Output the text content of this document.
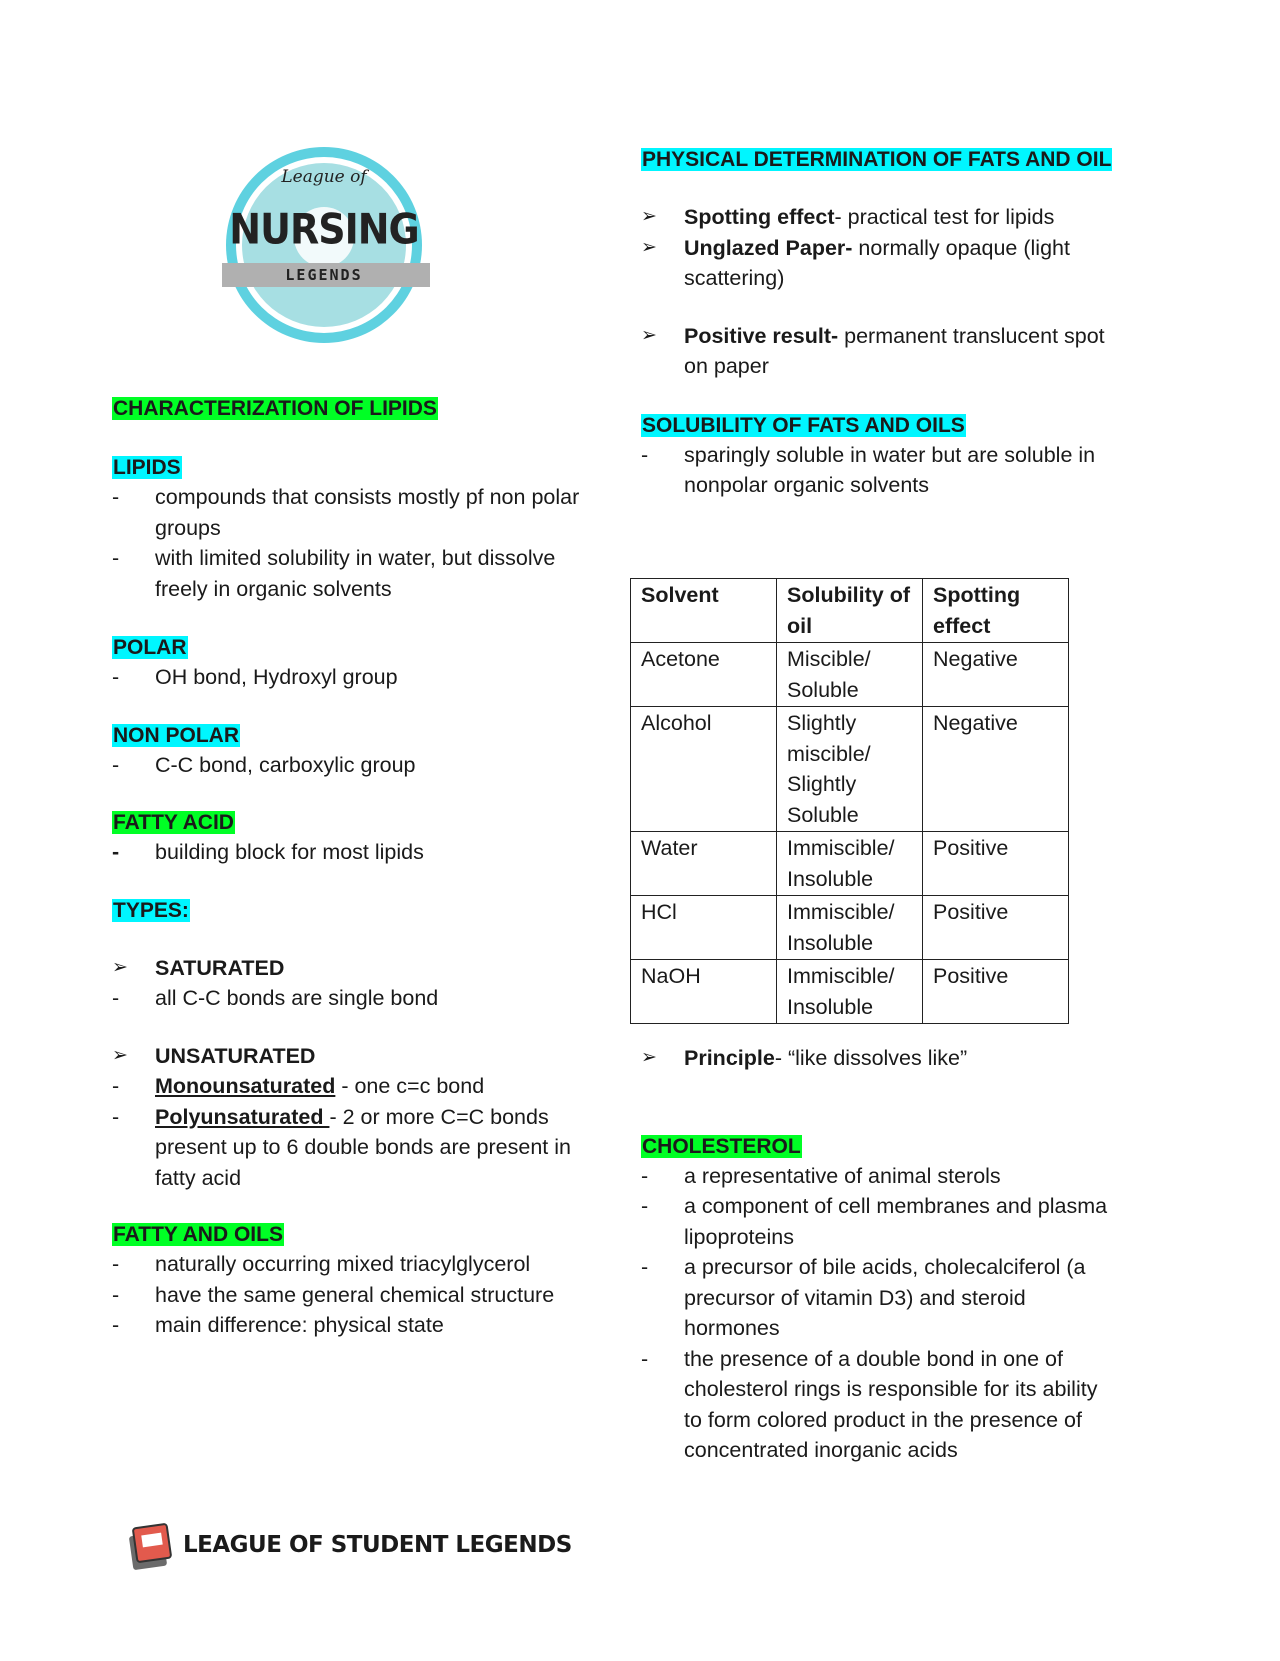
League of
NURSING
LEGENDS
CHARACTERIZATION OF LIPIDS
LIPIDS
- compounds that consists mostly pf non polar groups
- with limited solubility in water, but dissolve freely in organic solvents
POLAR
- OH bond, Hydroxyl group
NON POLAR
- C-C bond, carboxylic group
FATTY ACID
- building block for most lipids
TYPES:
➢ SATURATED
- all C-C bonds are single bond
➢ UNSATURATED
- Monounsaturated - one c=c bond
- Polyunsaturated - 2 or more C=C bonds present up to 6 double bonds are present in fatty acid
FATTY AND OILS
- naturally occurring mixed triacylglycerol
- have the same general chemical structure
- main difference: physical state
PHYSICAL DETERMINATION OF FATS AND OIL
➢ Spotting effect- practical test for lipids
➢ Unglazed Paper- normally opaque (light scattering)
➢ Positive result- permanent translucent spot on paper
SOLUBILITY OF FATS AND OILS
- sparingly soluble in water but are soluble in nonpolar organic solvents
Solvent	Solubility of oil	Spotting effect
Acetone	Miscible/ Soluble	Negative
Alcohol	Slightly miscible/ Slightly Soluble	Negative
Water	Immiscible/ Insoluble	Positive
HCl	Immiscible/ Insoluble	Positive
NaOH	Immiscible/ Insoluble	Positive
➢ Principle- “like dissolves like”
CHOLESTEROL
- a representative of animal sterols
- a component of cell membranes and plasma lipoproteins
- a precursor of bile acids, cholecalciferol (a precursor of vitamin D3) and steroid hormones
- the presence of a double bond in one of cholesterol rings is responsible for its ability to form colored product in the presence of concentrated inorganic acids
LEAGUE OF STUDENT LEGENDS
